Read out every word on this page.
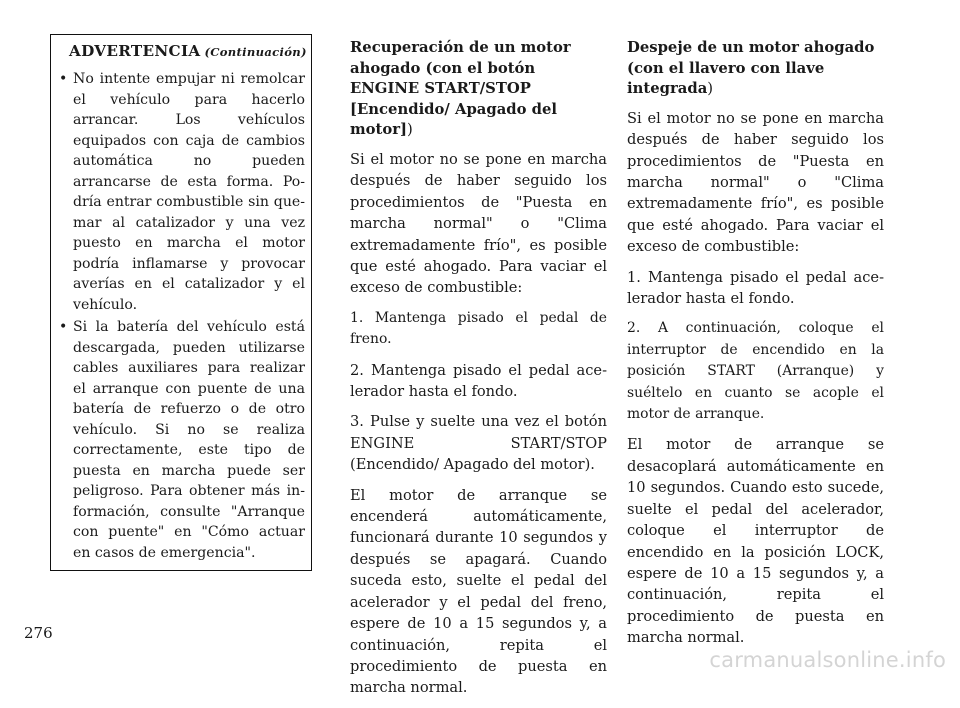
ADVERTENCIA (Continuación)
• No intente empujar ni remolcar el vehículo para hacerlo arrancar. Los vehículos equipados con caja de cambios automática no pueden arrancarse de esta forma. Podría entrar combustible sin quemar al catalizador y una vez puesto en marcha el motor podría inflamarse y provocar averías en el catalizador y el vehículo.
• Si la batería del vehículo está descargada, pueden utilizarse cables auxiliares para realizar el arranque con puente de una batería de refuerzo o de otro vehículo. Si no se realiza correctamente, este tipo de puesta en marcha puede ser peligroso. Para obtener más información, consulte "Arranque con puente" en "Cómo actuar en casos de emergencia".
Recuperación de un motor ahogado (con el botón ENGINE START/STOP [Encendido/ Apagado del motor])

Si el motor no se pone en marcha después de haber seguido los procedimientos de "Puesta en marcha normal" o "Clima extremadamente frío", es posible que esté ahogado. Para vaciar el exceso de combustible:

1. Mantenga pisado el pedal de freno.

2. Mantenga pisado el pedal acelerador hasta el fondo.

3. Pulse y suelte una vez el botón ENGINE START/STOP (Encendido/ Apagado del motor).

El motor de arranque se encenderá automáticamente, funcionará durante 10 segundos y después se apagará. Cuando suceda esto, suelte el pedal del acelerador y el pedal del freno, espere de 10 a 15 segundos y, a continuación, repita el procedimiento de puesta en marcha normal.

Despeje de un motor ahogado (con el llavero con llave integrada)

Si el motor no se pone en marcha después de haber seguido los procedimientos de "Puesta en marcha normal" o "Clima extremadamente frío", es posible que esté ahogado. Para vaciar el exceso de combustible:

1. Mantenga pisado el pedal acelerador hasta el fondo.

2. A continuación, coloque el interruptor de encendido en la posición START (Arranque) y suéltelo en cuanto se acople el motor de arranque.

El motor de arranque se desacoplará automáticamente en 10 segundos. Cuando esto sucede, suelte el pedal del acelerador, coloque el interruptor de encendido en la posición LOCK, espere de 10 a 15 segundos y, a continuación, repita el procedimiento de puesta en marcha normal.

276
carmanualsonline.info
